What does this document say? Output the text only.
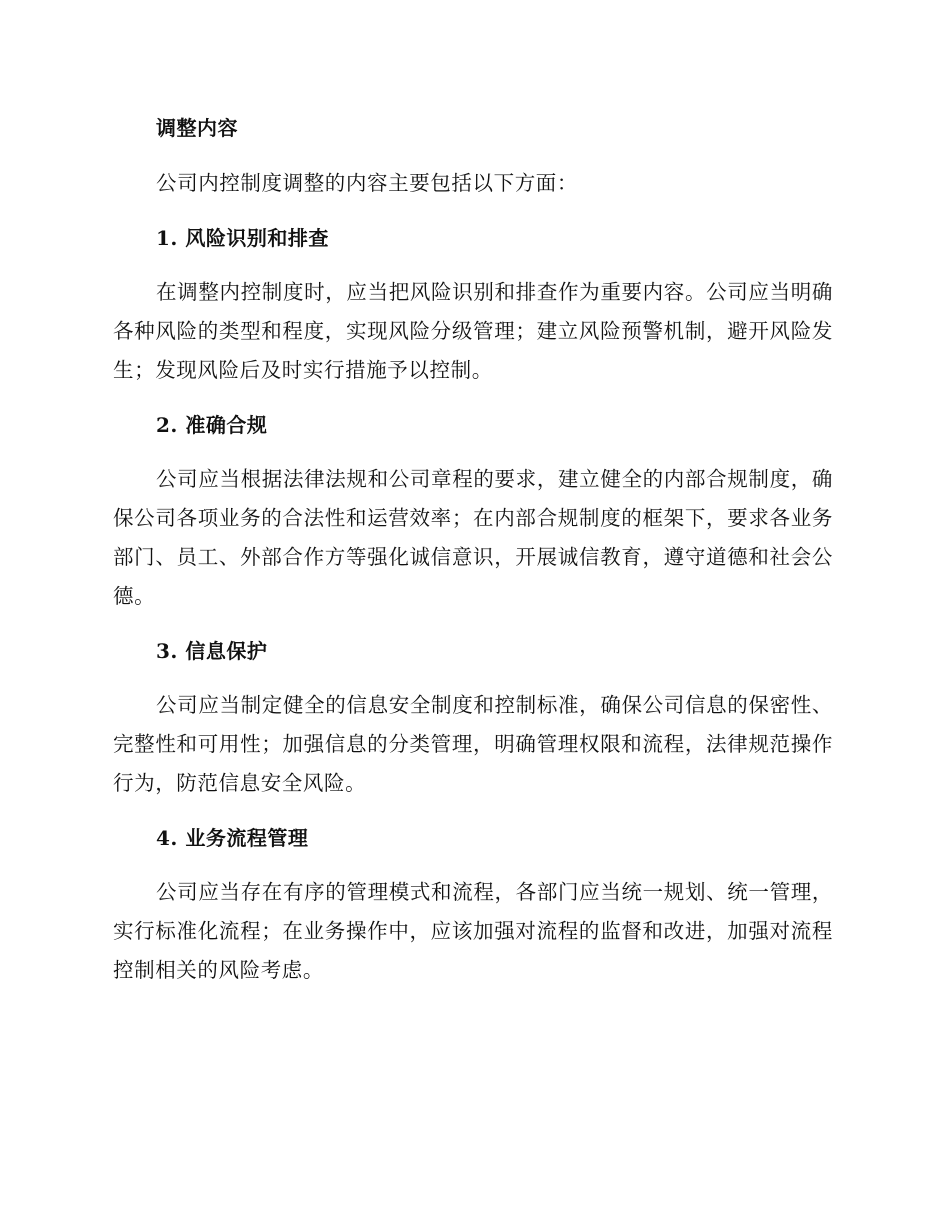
调整内容

公司内控制度调整的内容主要包括以下方面：

1. 风险识别和排查

在调整内控制度时，应当把风险识别和排查作为重要内容。公司应当明确各种风险的类型和程度，实现风险分级管理；建立风险预警机制，避开风险发生；发现风险后及时实行措施予以控制。

2. 准确合规

公司应当根据法律法规和公司章程的要求，建立健全的内部合规制度，确保公司各项业务的合法性和运营效率；在内部合规制度的框架下，要求各业务部门、员工、外部合作方等强化诚信意识，开展诚信教育，遵守道德和社会公德。

3. 信息保护

公司应当制定健全的信息安全制度和控制标准，确保公司信息的保密性、完整性和可用性；加强信息的分类管理，明确管理权限和流程，法律规范操作行为，防范信息安全风险。

4. 业务流程管理

公司应当存在有序的管理模式和流程，各部门应当统一规划、统一管理，实行标准化流程；在业务操作中，应该加强对流程的监督和改进，加强对流程控制相关的风险考虑。
